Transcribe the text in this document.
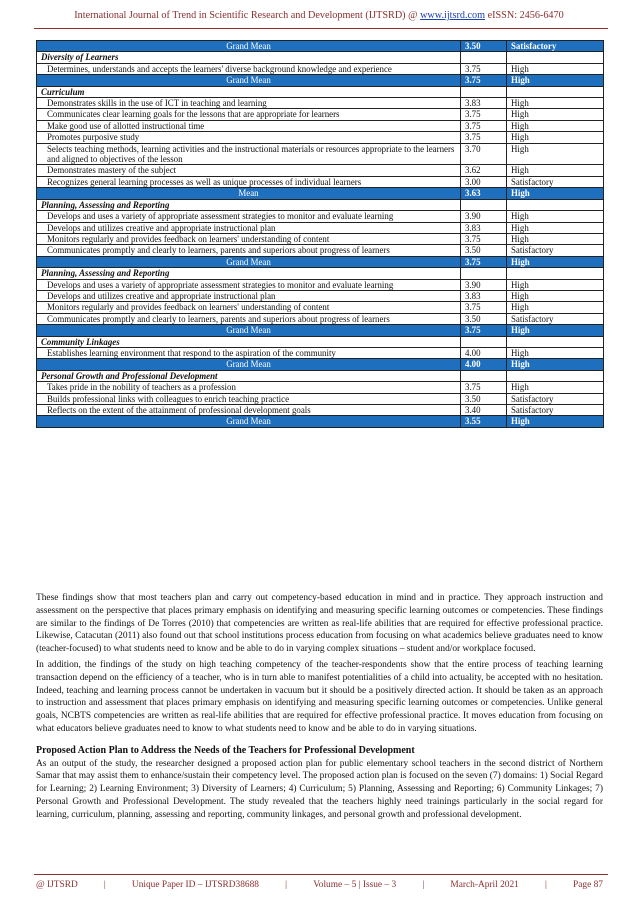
International Journal of Trend in Scientific Research and Development (IJTSRD) @ www.ijtsrd.com eISSN: 2456-6470
Grand Mean	3.50	Satisfactory
Diversity of Learners		
Determines, understands and accepts the learners' diverse background knowledge and experience	3.75	High
Grand Mean	3.75	High
Curriculum		
Demonstrates skills in the use of ICT in teaching and learning	3.83	High
Communicates clear learning goals for the lessons that are appropriate for learners	3.75	High
Make good use of allotted instructional time	3.75	High
Promotes purposive study	3.75	High
Selects teaching methods, learning activities and the instructional materials or resources appropriate to the learners and aligned to objectives of the lesson	3.70	High
Demonstrates mastery of the subject	3.62	High
Recognizes general learning processes as well as unique processes of individual learners	3.00	Satisfactory
Mean	3.63	High
Planning, Assessing and Reporting		
Develops and uses a variety of appropriate assessment strategies to monitor and evaluate learning	3.90	High
Develops and utilizes creative and appropriate instructional plan	3.83	High
Monitors regularly and provides feedback on learners' understanding of content	3.75	High
Communicates promptly and clearly to learners, parents and superiors about progress of learners	3.50	Satisfactory
Grand Mean	3.75	High
Planning, Assessing and Reporting		
Develops and uses a variety of appropriate assessment strategies to monitor and evaluate learning	3.90	High
Develops and utilizes creative and appropriate instructional plan	3.83	High
Monitors regularly and provides feedback on learners' understanding of content	3.75	High
Communicates promptly and clearly to learners, parents and superiors about progress of learners	3.50	Satisfactory
Grand Mean	3.75	High
Community Linkages		
Establishes learning environment that respond to the aspiration of the community	4.00	High
Grand Mean	4.00	High
Personal Growth and Professional Development		
Takes pride in the nobility of teachers as a profession	3.75	High
Builds professional links with colleagues to enrich teaching practice	3.50	Satisfactory
Reflects on the extent of the attainment of professional development goals	3.40	Satisfactory
Grand Mean	3.55	High

These findings show that most teachers plan and carry out competency-based education in mind and in practice. They approach instruction and assessment on the perspective that places primary emphasis on identifying and measuring specific learning outcomes or competencies. These findings are similar to the findings of De Torres (2010) that competencies are written as real-life abilities that are required for effective professional practice. Likewise, Catacutan (2011) also found out that school institutions process education from focusing on what academics believe graduates need to know (teacher-focused) to what students need to know and be able to do in varying complex situations – student and/or workplace focused.

In addition, the findings of the study on high teaching competency of the teacher-respondents show that the entire process of teaching learning transaction depend on the efficiency of a teacher, who is in turn able to manifest potentialities of a child into actuality, be accepted with no hesitation. Indeed, teaching and learning process cannot be undertaken in vacuum but it should be a positively directed action. It should be taken as an approach to instruction and assessment that places primary emphasis on identifying and measuring specific learning outcomes or competencies. Unlike general goals, NCBTS competencies are written as real-life abilities that are required for effective professional practice. It moves education from focusing on what educators believe graduates need to know to what students need to know and be able to do in varying situations.

Proposed Action Plan to Address the Needs of the Teachers for Professional Development

As an output of the study, the researcher designed a proposed action plan for public elementary school teachers in the second district of Northern Samar that may assist them to enhance/sustain their competency level. The proposed action plan is focused on the seven (7) domains: 1) Social Regard for Learning; 2) Learning Environment; 3) Diversity of Learners; 4) Curriculum; 5) Planning, Assessing and Reporting; 6) Community Linkages; 7) Personal Growth and Professional Development. The study revealed that the teachers highly need trainings particularly in the social regard for learning, curriculum, planning, assessing and reporting, community linkages, and personal growth and professional development.

@ IJTSRD	|	Unique Paper ID – IJTSRD38688	|	Volume – 5 | Issue – 3	|	March-April 2021	|	Page 87
